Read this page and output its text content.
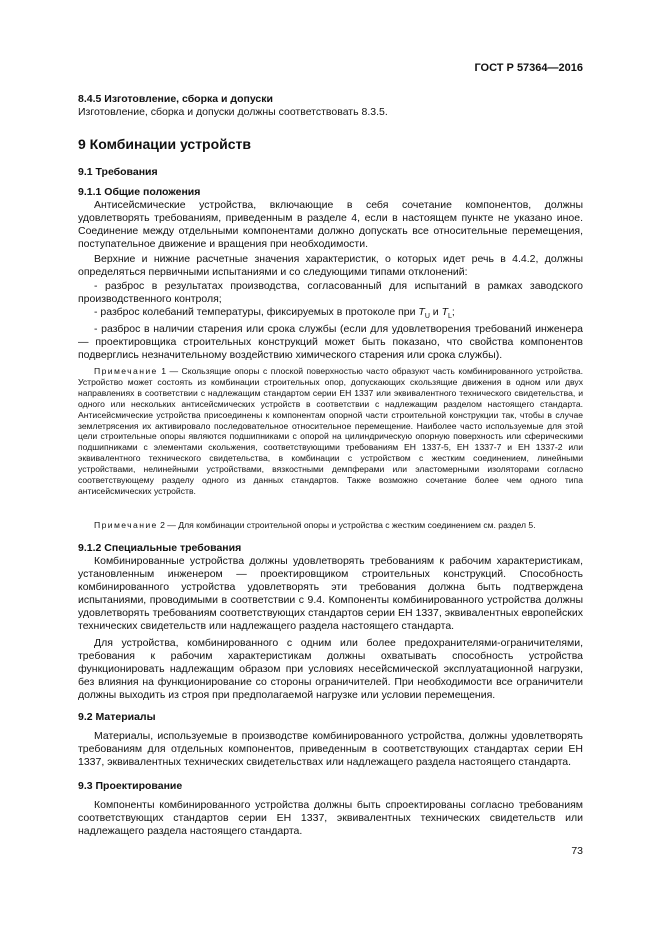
ГОСТ Р 57364—2016
8.4.5 Изготовление, сборка и допуски

Изготовление, сборка и допуски должны соответствовать 8.3.5.

9 Комбинации устройств
9.1 Требования
9.1.1 Общие положения

Антисейсмические устройства, включающие в себя сочетание компонентов, должны удовлетворять требованиям, приведенным в разделе 4, если в настоящем пункте не указано иное. Соединение между отдельными компонентами должно допускать все относительные перемещения, поступательное движение и вращения при необходимости.

Верхние и нижние расчетные значения характеристик, о которых идет речь в 4.4.2, должны определяться первичными испытаниями и со следующими типами отклонений:

- разброс в результатах производства, согласованный для испытаний в рамках заводского производственного контроля;

- разброс колебаний температуры, фиксируемых в протоколе при $T_U$ и $T_L$;

- разброс в наличии старения или срока службы (если для удовлетворения требований инженера — проектировщика строительных конструкций может быть показано, что свойства компонентов подверглись незначительному воздействию химического старения или срока службы).

Примечание 1 — Скользящие опоры с плоской поверхностью часто образуют часть комбинированного устройства. Устройство может состоять из комбинации строительных опор, допускающих скользящие движения в одном или двух направлениях в соответствии с надлежащим стандартом серии ЕН 1337 или эквивалентного технического свидетельства, и одного или нескольких антисейсмических устройств в соответствии с надлежащим разделом настоящего стандарта. Антисейсмические устройства присоединены к компонентам опорной части строительной конструкции так, чтобы в случае землетрясения их активировало последовательное относительное перемещение. Наиболее часто используемые для этой цели строительные опоры являются подшипниками с опорой на цилиндрическую опорную поверхность или сферическими подшипниками с элементами скольжения, соответствующими требованиям ЕН 1337-5, ЕН 1337-7 и ЕН 1337-2 или эквивалентного технического свидетельства, в комбинации с устройством с жестким соединением, линейными устройствами, нелинейными устройствами, вязкостными демпферами или эластомерными изоляторами согласно соответствующему разделу одного из данных стандартов. Также возможно сочетание более чем одного типа антисейсмических устройств.

Примечание 2 — Для комбинации строительной опоры и устройства с жестким соединением см. раздел 5.

9.1.2 Специальные требования

Комбинированные устройства должны удовлетворять требованиям к рабочим характеристикам, установленным инженером — проектировщиком строительных конструкций. Способность комбинированного устройства удовлетворять эти требования должна быть подтверждена испытаниями, проводимыми в соответствии с 9.4. Компоненты комбинированного устройства должны удовлетворять требованиям соответствующих стандартов серии ЕН 1337, эквивалентных европейских технических свидетельств или надлежащего раздела настоящего стандарта.

Для устройства, комбинированного с одним или более предохранителями-ограничителями, требования к рабочим характеристикам должны охватывать способность устройства функционировать надлежащим образом при условиях несейсмической эксплуатационной нагрузки, без влияния на функционирование со стороны ограничителей. При необходимости все ограничители должны выходить из строя при предполагаемой нагрузке или условии перемещения.

9.2 Материалы

Материалы, используемые в производстве комбинированного устройства, должны удовлетворять требованиям для отдельных компонентов, приведенным в соответствующих стандартах серии ЕН 1337, эквивалентных технических свидетельствах или надлежащего раздела настоящего стандарта.

9.3 Проектирование

Компоненты комбинированного устройства должны быть спроектированы согласно требованиям соответствующих стандартов серии ЕН 1337, эквивалентных технических свидетельств или надлежащего раздела настоящего стандарта.

73
